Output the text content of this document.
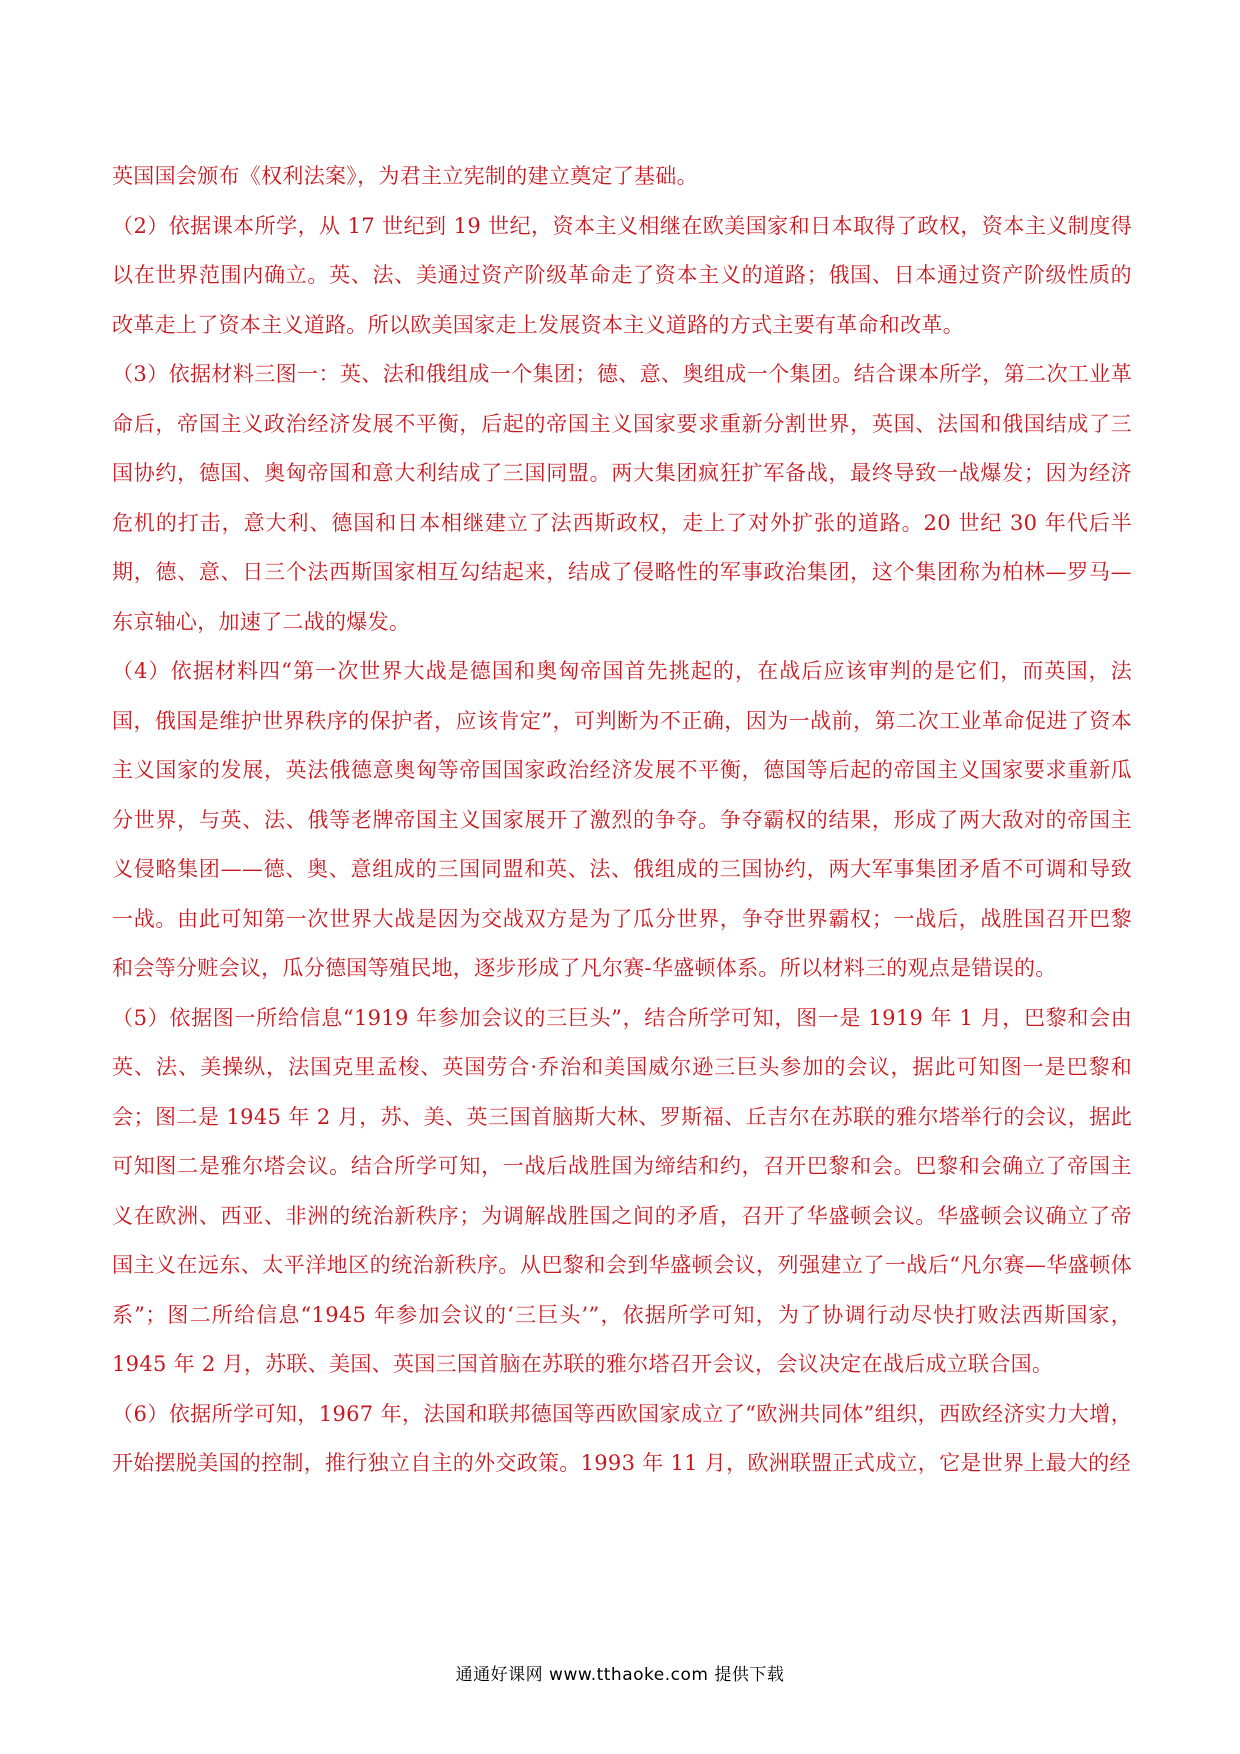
英国国会颁布《权利法案》，为君主立宪制的建立奠定了基础。

（2）依据课本所学，从 17 世纪到 19 世纪，资本主义相继在欧美国家和日本取得了政权，资本主义制度得以在世界范围内确立。英、法、美通过资产阶级革命走了资本主义的道路；俄国、日本通过资产阶级性质的改革走上了资本主义道路。所以欧美国家走上发展资本主义道路的方式主要有革命和改革。

（3）依据材料三图一：英、法和俄组成一个集团；德、意、奥组成一个集团。结合课本所学，第二次工业革命后，帝国主义政治经济发展不平衡，后起的帝国主义国家要求重新分割世界，英国、法国和俄国结成了三国协约，德国、奥匈帝国和意大利结成了三国同盟。两大集团疯狂扩军备战，最终导致一战爆发；因为经济危机的打击，意大利、德国和日本相继建立了法西斯政权，走上了对外扩张的道路。20 世纪 30 年代后半期，德、意、日三个法西斯国家相互勾结起来，结成了侵略性的军事政治集团，这个集团称为柏林—罗马—东京轴心，加速了二战的爆发。

（4）依据材料四“第一次世界大战是德国和奥匈帝国首先挑起的，在战后应该审判的是它们，而英国，法国，俄国是维护世界秩序的保护者，应该肯定”，可判断为不正确，因为一战前，第二次工业革命促进了资本主义国家的发展，英法俄德意奥匈等帝国国家政治经济发展不平衡，德国等后起的帝国主义国家要求重新瓜分世界，与英、法、俄等老牌帝国主义国家展开了激烈的争夺。争夺霸权的结果，形成了两大敌对的帝国主义侵略集团——德、奥、意组成的三国同盟和英、法、俄组成的三国协约，两大军事集团矛盾不可调和导致一战。由此可知第一次世界大战是因为交战双方是为了瓜分世界，争夺世界霸权；一战后，战胜国召开巴黎和会等分赃会议，瓜分德国等殖民地，逐步形成了凡尔赛-华盛顿体系。所以材料三的观点是错误的。

（5）依据图一所给信息“1919 年参加会议的三巨头”，结合所学可知，图一是 1919 年 1 月，巴黎和会由英、法、美操纵，法国克里孟梭、英国劳合·乔治和美国威尔逊三巨头参加的会议，据此可知图一是巴黎和会；图二是 1945 年 2 月，苏、美、英三国首脑斯大林、罗斯福、丘吉尔在苏联的雅尔塔举行的会议，据此可知图二是雅尔塔会议。结合所学可知，一战后战胜国为缔结和约，召开巴黎和会。巴黎和会确立了帝国主义在欧洲、西亚、非洲的统治新秩序；为调解战胜国之间的矛盾，召开了华盛顿会议。华盛顿会议确立了帝国主义在远东、太平洋地区的统治新秩序。从巴黎和会到华盛顿会议，列强建立了一战后“凡尔赛—华盛顿体系”；图二所给信息“1945 年参加会议的‘三巨头’”，依据所学可知，为了协调行动尽快打败法西斯国家，1945 年 2 月，苏联、美国、英国三国首脑在苏联的雅尔塔召开会议，会议决定在战后成立联合国。

（6）依据所学可知，1967 年，法国和联邦德国等西欧国家成立了“欧洲共同体”组织，西欧经济实力大增，开始摆脱美国的控制，推行独立自主的外交政策。1993 年 11 月，欧洲联盟正式成立，它是世界上最大的经

通通好课网 www.tthaoke.com 提供下载
